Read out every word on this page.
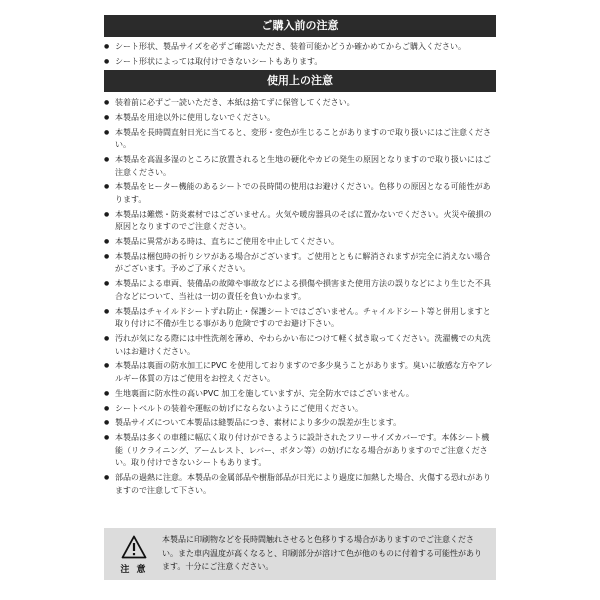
ご購入前の注意
● シート形状、製品サイズを必ずご確認いただき、装着可能かどうか確かめてからご購入ください。
● シート形状によっては取付けできないシートもあります。
使用上の注意
● 装着前に必ずご一読いただき、本紙は捨てずに保管してください。
● 本製品を用途以外に使用しないでください。
● 本製品を長時間直射日光に当てると、変形・変色が生じることがありますので取り扱いにはご注意ください。
● 本製品を高温多湿のところに放置されると生地の硬化やカビの発生の原因となりますので取り扱いにはご注意ください。
● 本製品をヒーター機能のあるシートでの長時間の使用はお避けください。色移りの原因となる可能性があります。
● 本製品は難燃・防炎素材ではございません。火気や暖房器具のそばに置かないでください。火災や破損の原因となりますのでご注意ください。
● 本製品に異常がある時は、直ちにご使用を中止してください。
● 本製品は梱包時の折りシワがある場合がございます。ご使用とともに解消されますが完全に消えない場合がございます。予めご了承ください。
● 本製品による車両、装備品の故障や事故などによる損傷や損害また使用方法の誤りなどにより生じた不具合などについて、当社は一切の責任を負いかねます。
● 本製品はチャイルドシートずれ防止・保護シートではございません。チャイルドシート等と併用しますと取り付けに不備が生じる事があり危険ですのでお避け下さい。
● 汚れが気になる際には中性洗剤を薄め、やわらかい布につけて軽く拭き取ってください。洗濯機での丸洗いはお避けください。
● 本製品は裏面の防水加工にPVC を使用しておりますので多少臭うことがあります。臭いに敏感な方やアレルギー体質の方はご使用をお控えください。
● 生地裏面に防水性の高いPVC 加工を施していますが、完全防水ではございません。
● シートベルトの装着や運転の妨げにならないようにご使用ください。
● 製品サイズについて本製品は縫製品につき、素材により多少の誤差が生じます。
● 本製品は多くの車種に幅広く取り付けができるように設計されたフリーサイズカバーです。本体シート機能（リクライニング、アームレスト、レバー、ボタン等）の妨げになる場合がありますのでご注意ください。取り付けできないシートもあります。
● 部品の過熱に注意。本製品の金属部品や樹脂部品が日光により過度に加熱した場合、火傷する恐れがありますので注意して下さい。
注 意
本製品に印刷物などを長時間触れさせると色移りする場合がありますのでご注意ください。また車内温度が高くなると、印刷部分が溶けて色が他のものに付着する可能性があります。十分にご注意ください。
